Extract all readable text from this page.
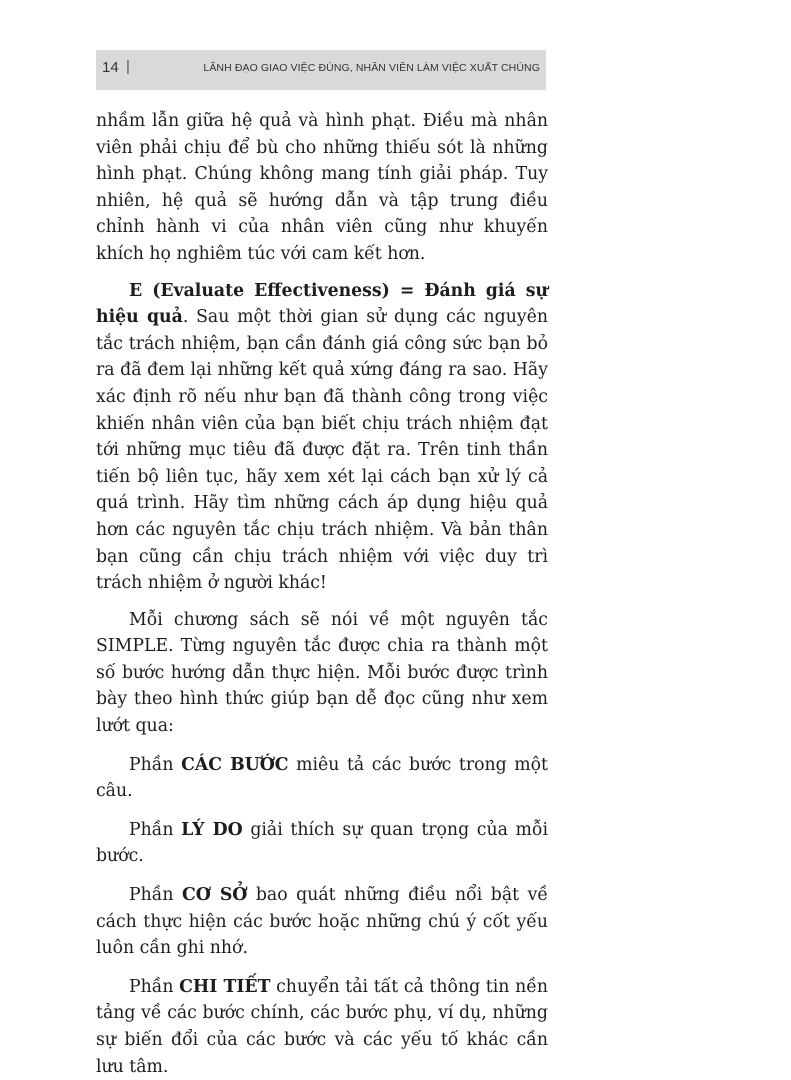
14 |	LÃNH ĐẠO GIAO VIỆC ĐÚNG, NHÂN VIÊN LÀM VIỆC XUẤT CHÚNG

nhầm lẫn giữa hệ quả và hình phạt. Điều mà nhân viên phải chịu để bù cho những thiếu sót là những hình phạt. Chúng không mang tính giải pháp. Tuy nhiên, hệ quả sẽ hướng dẫn và tập trung điều chỉnh hành vi của nhân viên cũng như khuyến khích họ nghiêm túc với cam kết hơn.

E (Evaluate Effectiveness) = Đánh giá sự hiệu quả. Sau một thời gian sử dụng các nguyên tắc trách nhiệm, bạn cần đánh giá công sức bạn bỏ ra đã đem lại những kết quả xứng đáng ra sao. Hãy xác định rõ nếu như bạn đã thành công trong việc khiến nhân viên của bạn biết chịu trách nhiệm đạt tới những mục tiêu đã được đặt ra. Trên tinh thần tiến bộ liên tục, hãy xem xét lại cách bạn xử lý cả quá trình. Hãy tìm những cách áp dụng hiệu quả hơn các nguyên tắc chịu trách nhiệm. Và bản thân bạn cũng cần chịu trách nhiệm với việc duy trì trách nhiệm ở người khác!

Mỗi chương sách sẽ nói về một nguyên tắc SIMPLE. Từng nguyên tắc được chia ra thành một số bước hướng dẫn thực hiện. Mỗi bước được trình bày theo hình thức giúp bạn dễ đọc cũng như xem lướt qua:

Phần CÁC BƯỚC miêu tả các bước trong một câu.

Phần LÝ DO giải thích sự quan trọng của mỗi bước.

Phần CƠ SỞ bao quát những điều nổi bật về cách thực hiện các bước hoặc những chú ý cốt yếu luôn cần ghi nhớ.

Phần CHI TIẾT chuyển tải tất cả thông tin nền tảng về các bước chính, các bước phụ, ví dụ, những sự biến đổi của các bước và các yếu tố khác cần lưu tâm.
